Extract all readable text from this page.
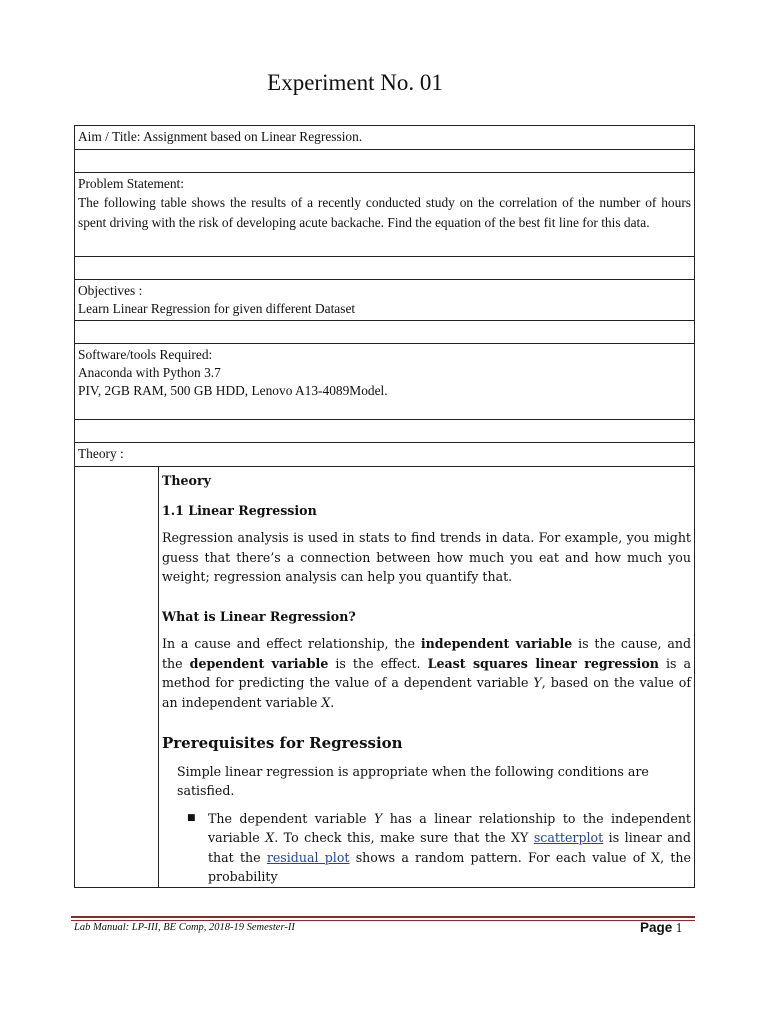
Experiment No. 01
Aim / Title: Assignment based on Linear Regression.

Problem Statement:
The following table shows the results of a recently conducted study on the correlation of the number of hours spent driving with the risk of developing acute backache. Find the equation of the best fit line for this data.

Objectives :
Learn Linear Regression for given different Dataset

Software/tools Required:
Anaconda with Python 3.7
PIV, 2GB RAM, 500 GB HDD, Lenovo A13-4089Model.

Theory :

Theory

1.1 Linear Regression

Regression analysis is used in stats to find trends in data. For example, you might guess that there’s a connection between how much you eat and how much you weight; regression analysis can help you quantify that.

What is Linear Regression?

In a cause and effect relationship, the independent variable is the cause, and the dependent variable is the effect. Least squares linear regression is a method for predicting the value of a dependent variable Y, based on the value of an independent variable X.

Prerequisites for Regression

Simple linear regression is appropriate when the following conditions are satisfied.

■ The dependent variable Y has a linear relationship to the independent variable X. To check this, make sure that the XY scatterplot is linear and that the residual plot shows a random pattern. For each value of X, the probability
Lab Manual: LP-III, BE Comp, 2018-19 Semester-II	Page 1
